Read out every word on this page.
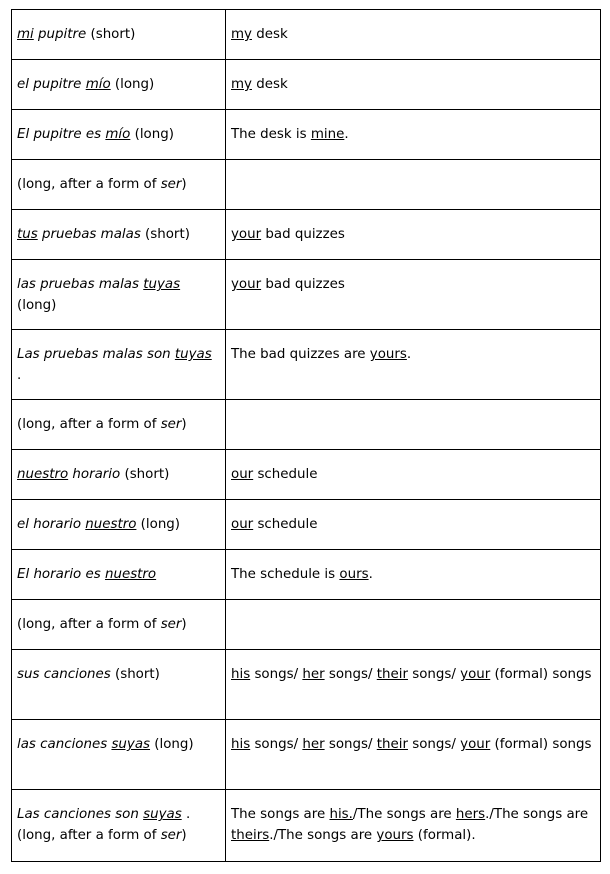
mi pupitre (short)	my desk
el pupitre mío (long)	my desk
El pupitre es mío (long)	The desk is mine.
(long, after a form of ser)	
tus pruebas malas (short)	your bad quizzes
las pruebas malas tuyas (long)	your bad quizzes
Las pruebas malas son tuyas .	The bad quizzes are yours.
(long, after a form of ser)	
nuestro horario (short)	our schedule
el horario nuestro (long)	our schedule
El horario es nuestro	The schedule is ours.
(long, after a form of ser)	
sus canciones (short)	his songs/ her songs/ their songs/ your (formal) songs
las canciones suyas (long)	his songs/ her songs/ their songs/ your (formal) songs
Las canciones son suyas . (long, after a form of ser)	The songs are his./The songs are hers./The songs are theirs./The songs are yours (formal).
